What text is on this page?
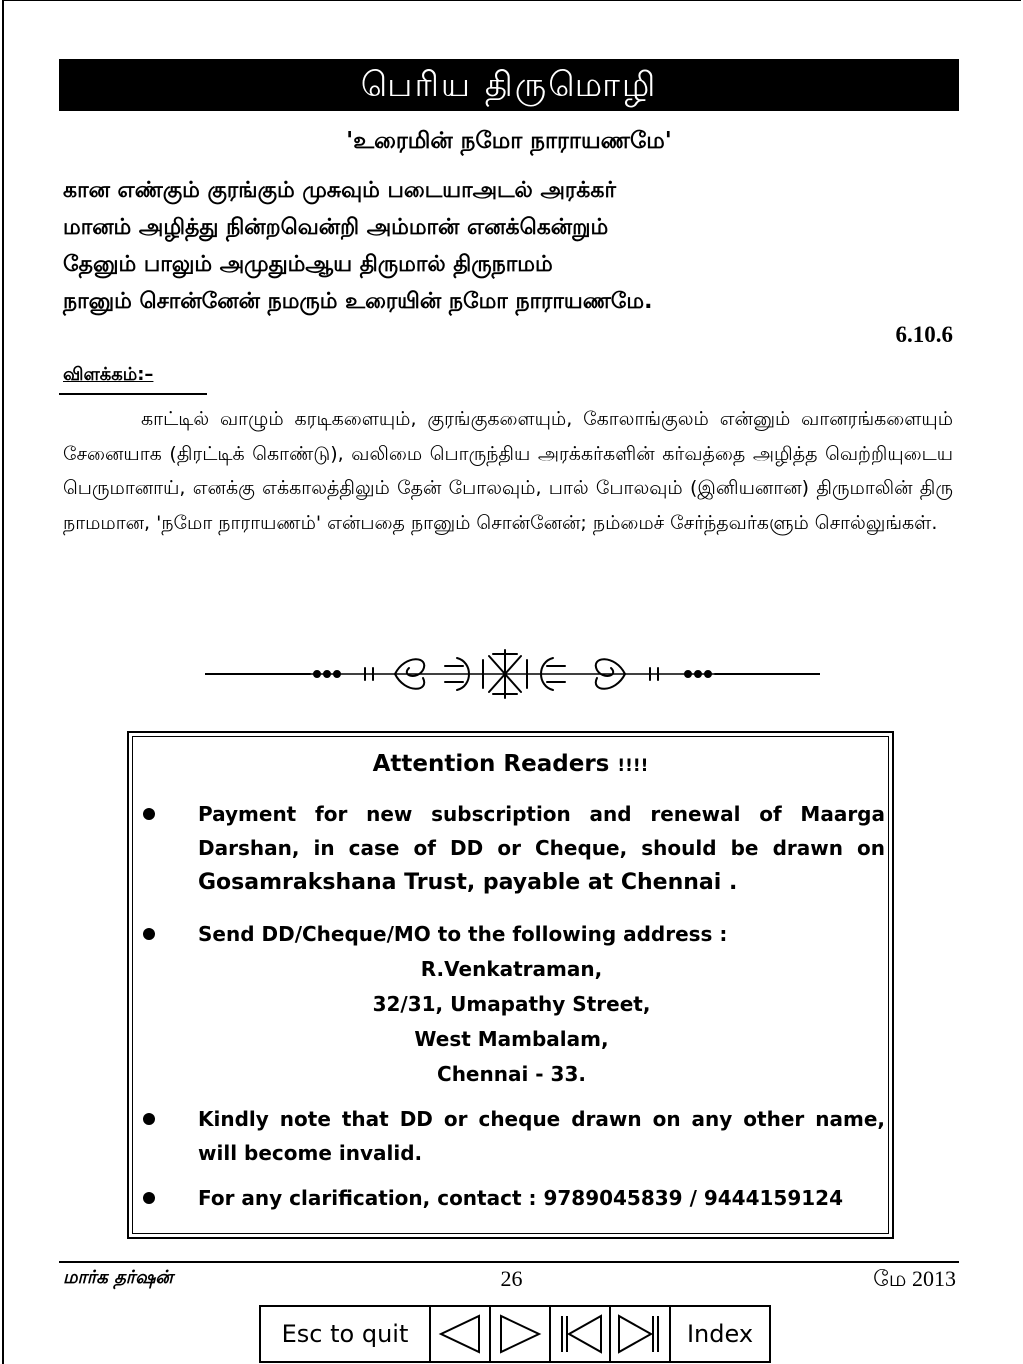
பெரிய திருமொழி
'உரைமின் நமோ நாராயணமே'
கான எண்கும் குரங்கும் முசுவும் படையாஅடல் அரக்கர்
மானம் அழித்து நின்றவென்றி அம்மான் எனக்கென்றும்
தேனும் பாலும் அமுதும்ஆய திருமால் திருநாமம்
நானும் சொன்னேன் நமரும் உரையின் நமோ நாராயணமே.
6.10.6
விளக்கம்:–
காட்டில் வாழும் கரடிகளையும், குரங்குகளையும், கோலாங்குலம் என்னும் வானரங்களையும் சேனையாக (திரட்டிக் கொண்டு), வலிமை பொருந்திய அரக்கர்களின் கர்வத்தை அழித்த வெற்றியுடைய பெருமானாய், எனக்கு எக்காலத்திலும் தேன் போலவும், பால் போலவும் (இனியனான) திருமாலின் திரு நாமமான, 'நமோ நாராயணம்' என்பதை நானும் சொன்னேன்; நம்மைச் சேர்ந்தவர்களும் சொல்லுங்கள்.
Attention Readers !!!!
Payment for new subscription and renewal of Maarga Darshan, in case of DD or Cheque, should be drawn on Gosamrakshana Trust, payable at Chennai .
Send DD/Cheque/MO to the following address :
R.Venkatraman,
32/31, Umapathy Street,
West Mambalam,
Chennai - 33.
Kindly note that DD or cheque drawn on any other name, will become invalid.
For any clarification, contact : 9789045839 / 9444159124
மார்க தர்ஷன்	26	மே 2013
Esc to quit	Index
